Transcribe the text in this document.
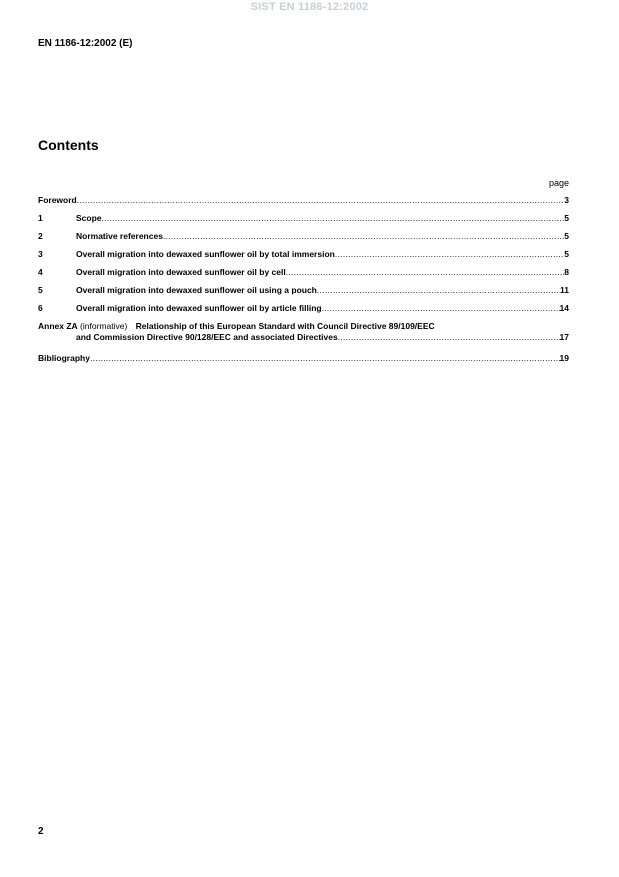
SIST EN 1186-12:2002
EN 1186-12:2002 (E)
Contents
page
Foreword .....	3
1	Scope .....	5
2	Normative references .....	5
3	Overall migration into dewaxed sunflower oil by total immersion .....	5
4	Overall migration into dewaxed sunflower oil by cell .....	8
5	Overall migration into dewaxed sunflower oil using a pouch .....	11
6	Overall migration into dewaxed sunflower oil by article filling .....	14
Annex ZA (informative) Relationship of this European Standard with Council Directive 89/109/EEC
and Commission Directive 90/128/EEC and associated Directives .....	17
Bibliography .....	19
2
